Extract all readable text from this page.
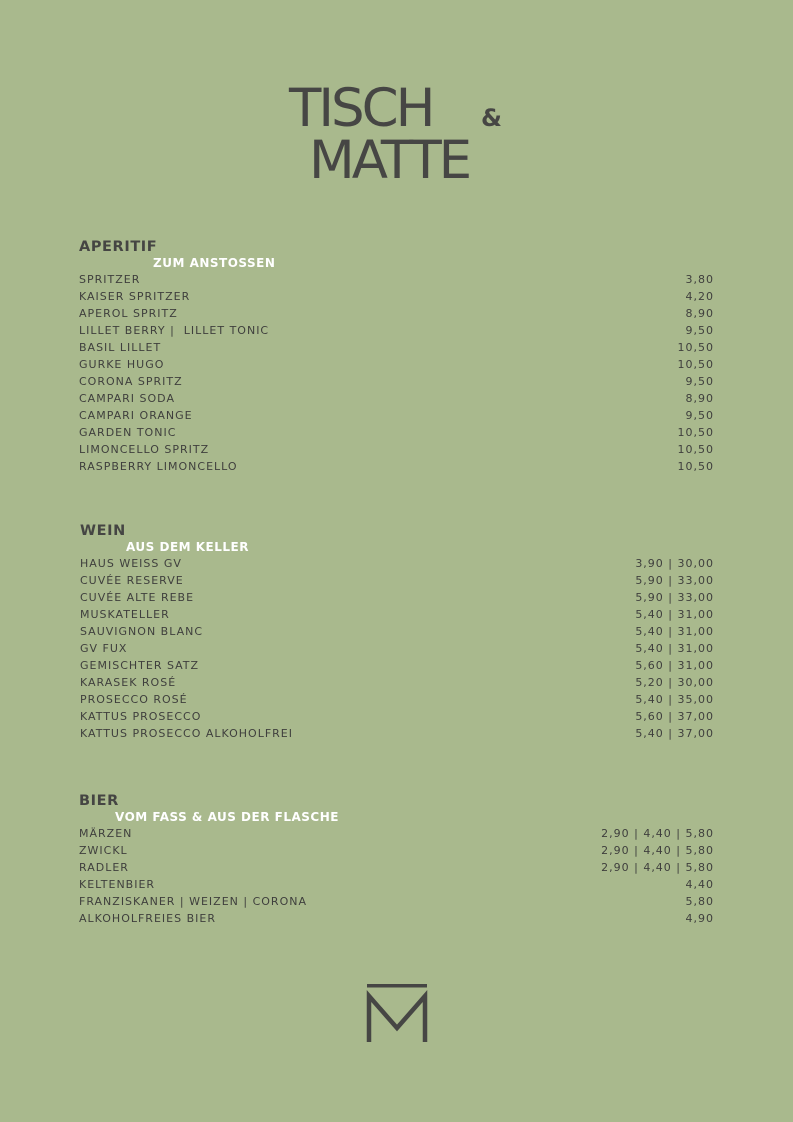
TISCH &
MATTE
APERITIF
ZUM ANSTOSSEN
SPRITZER	3,80
KAISER SPRITZER	4,20
APEROL SPRITZ	8,90
LILLET BERRY |  LILLET TONIC	9,50
BASIL LILLET	10,50
GURKE HUGO	10,50
CORONA SPRITZ	9,50
CAMPARI SODA	8,90
CAMPARI ORANGE	9,50
GARDEN TONIC	10,50
LIMONCELLO SPRITZ	10,50
RASPBERRY LIMONCELLO	10,50
WEIN
AUS DEM KELLER
HAUS WEISS GV	3,90 | 30,00
CUVÉE RESERVE	5,90 | 33,00
CUVÉE ALTE REBE	5,90 | 33,00
MUSKATELLER	5,40 | 31,00
SAUVIGNON BLANC	5,40 | 31,00
GV FUX	5,40 | 31,00
GEMISCHTER SATZ	5,60 | 31,00
KARASEK ROSÉ	5,20 | 30,00
PROSECCO ROSÉ	5,40 | 35,00
KATTUS PROSECCO	5,60 | 37,00
KATTUS PROSECCO ALKOHOLFREI	5,40 | 37,00
BIER
VOM FASS & AUS DER FLASCHE
MÄRZEN	2,90 | 4,40 | 5,80
ZWICKL	2,90 | 4,40 | 5,80
RADLER	2,90 | 4,40 | 5,80
KELTENBIER	4,40
FRANZISKANER | WEIZEN | CORONA	5,80
ALKOHOLFREIES BIER	4,90
